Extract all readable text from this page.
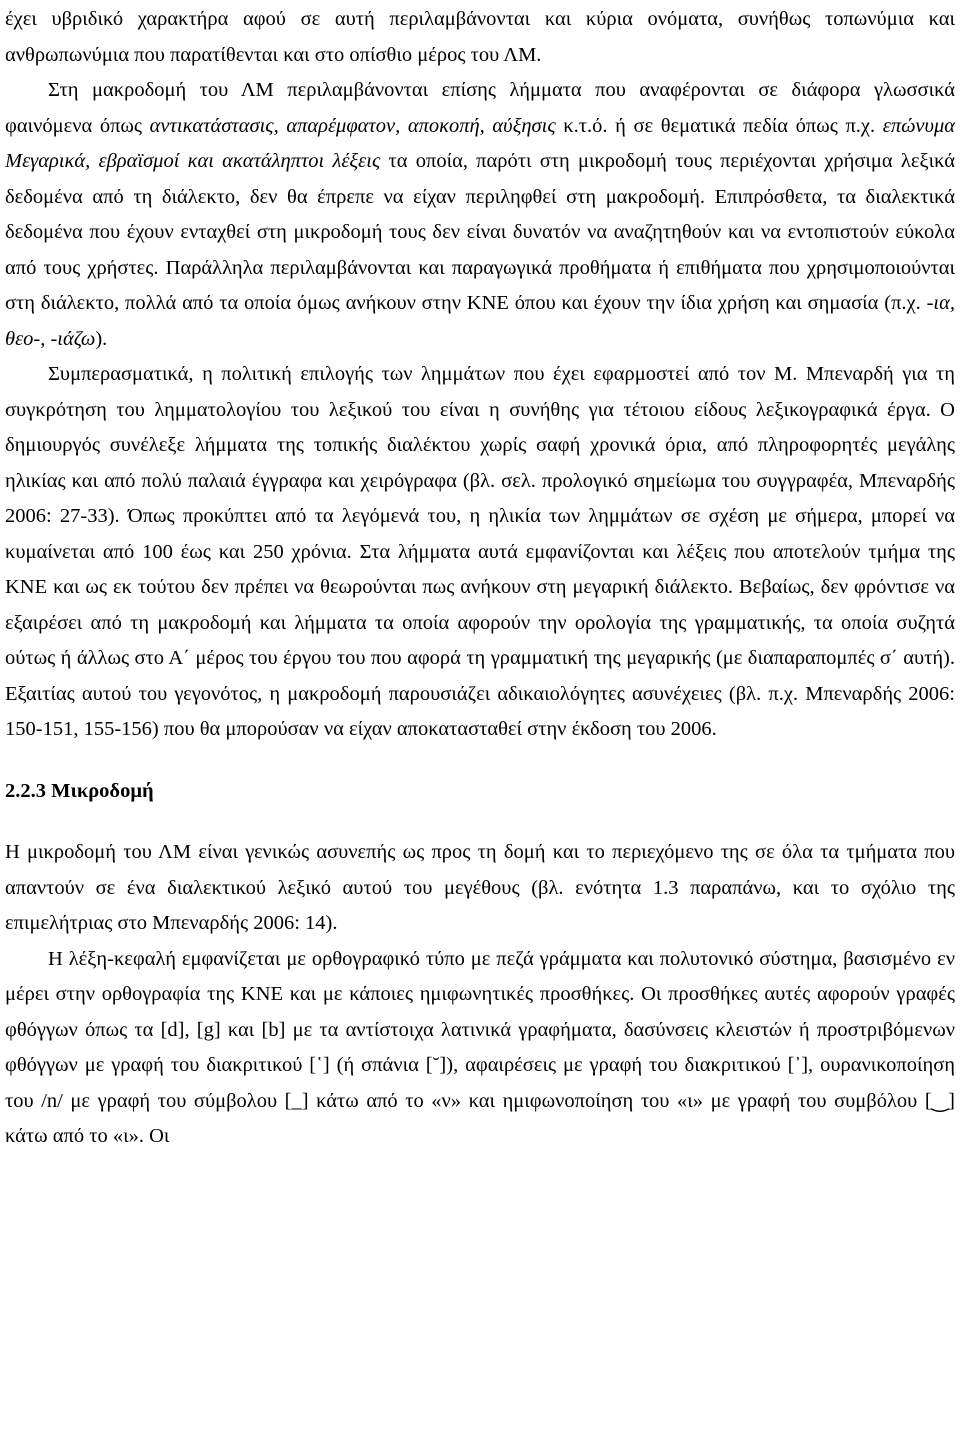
έχει υβριδικό χαρακτήρα αφού σε αυτή περιλαμβάνονται και κύρια ονόματα, συνήθως τοπωνύμια και ανθρωπωνύμια που παρατίθενται και στο οπίσθιο μέρος του ΛΜ.
Στη μακροδομή του ΛΜ περιλαμβάνονται επίσης λήμματα που αναφέρονται σε διάφορα γλωσσικά φαινόμενα όπως αντικατάστασις, απαρέμφατον, αποκοπή, αύξησις κ.τ.ό. ή σε θεματικά πεδία όπως π.χ. επώνυμα Μεγαρικά, εβραϊσμοί και ακατάληπτοι λέξεις τα οποία, παρότι στη μικροδομή τους περιέχονται χρήσιμα λεξικά δεδομένα από τη διάλεκτο, δεν θα έπρεπε να είχαν περιληφθεί στη μακροδομή. Επιπρόσθετα, τα διαλεκτικά δεδομένα που έχουν ενταχθεί στη μικροδομή τους δεν είναι δυνατόν να αναζητηθούν και να εντοπιστούν εύκολα από τους χρήστες. Παράλληλα περιλαμβάνονται και παραγωγικά προθήματα ή επιθήματα που χρησιμοποιούνται στη διάλεκτο, πολλά από τα οποία όμως ανήκουν στην ΚΝΕ όπου και έχουν την ίδια χρήση και σημασία (π.χ. -ια, θεο-, -ιάζω).

Συμπερασματικά, η πολιτική επιλογής των λημμάτων που έχει εφαρμοστεί από τον Μ. Μπεναρδή για τη συγκρότηση του λημματολογίου του λεξικού του είναι η συνήθης για τέτοιου είδους λεξικογραφικά έργα. Ο δημιουργός συνέλεξε λήμματα της τοπικής διαλέκτου χωρίς σαφή χρονικά όρια, από πληροφορητές μεγάλης ηλικίας και από πολύ παλαιά έγγραφα και χειρόγραφα (βλ. σελ. προλογικό σημείωμα του συγγραφέα, Μπεναρδής 2006: 27-33). Όπως προκύπτει από τα λεγόμενά του, η ηλικία των λημμάτων σε σχέση με σήμερα, μπορεί να κυμαίνεται από 100 έως και 250 χρόνια. Στα λήμματα αυτά εμφανίζονται και λέξεις που αποτελούν τμήμα της ΚΝΕ και ως εκ τούτου δεν πρέπει να θεωρούνται πως ανήκουν στη μεγαρική διάλεκτο. Βεβαίως, δεν φρόντισε να εξαιρέσει από τη μακροδομή και λήμματα τα οποία αφορούν την ορολογία της γραμματικής, τα οποία συζητά ούτως ή άλλως στο Α΄ μέρος του έργου του που αφορά τη γραμματική της μεγαρικής (με διαπαραπομπές σ΄ αυτή). Εξαιτίας αυτού του γεγονότος, η μακροδομή παρουσιάζει αδικαιολόγητες ασυνέχειες (βλ. π.χ. Μπεναρδής 2006: 150-151, 155-156) που θα μπορούσαν να είχαν αποκατασταθεί στην έκδοση του 2006.

2.2.3 Μικροδομή

Η μικροδομή του ΛΜ είναι γενικώς ασυνεπής ως προς τη δομή και το περιεχόμενο της σε όλα τα τμήματα που απαντούν σε ένα διαλεκτικού λεξικό αυτού του μεγέθους (βλ. ενότητα 1.3 παραπάνω, και το σχόλιο της επιμελήτριας στο Μπεναρδής 2006: 14).

Η λέξη-κεφαλή εμφανίζεται με ορθογραφικό τύπο με πεζά γράμματα και πολυτονικό σύστημα, βασισμένο εν μέρει στην ορθογραφία της ΚΝΕ και με κάποιες ημιφωνητικές προσθήκες. Οι προσθήκες αυτές αφορούν γραφές φθόγγων όπως τα [d], [g] και [b] με τα αντίστοιχα λατινικά γραφήματα, δασύνσεις κλειστών ή προστριβόμενων φθόγγων με γραφή του διακριτικού [῾] (ή σπάνια [˘]), αφαιρέσεις με γραφή του διακριτικού [᾿], ουρανικοποίηση του /n/ με γραφή του σύμβολου [_] κάτω από το «ν» και ημιφωνοποίηση του «ι» με γραφή του συμβόλου [‿] κάτω από το «ι». Οι
